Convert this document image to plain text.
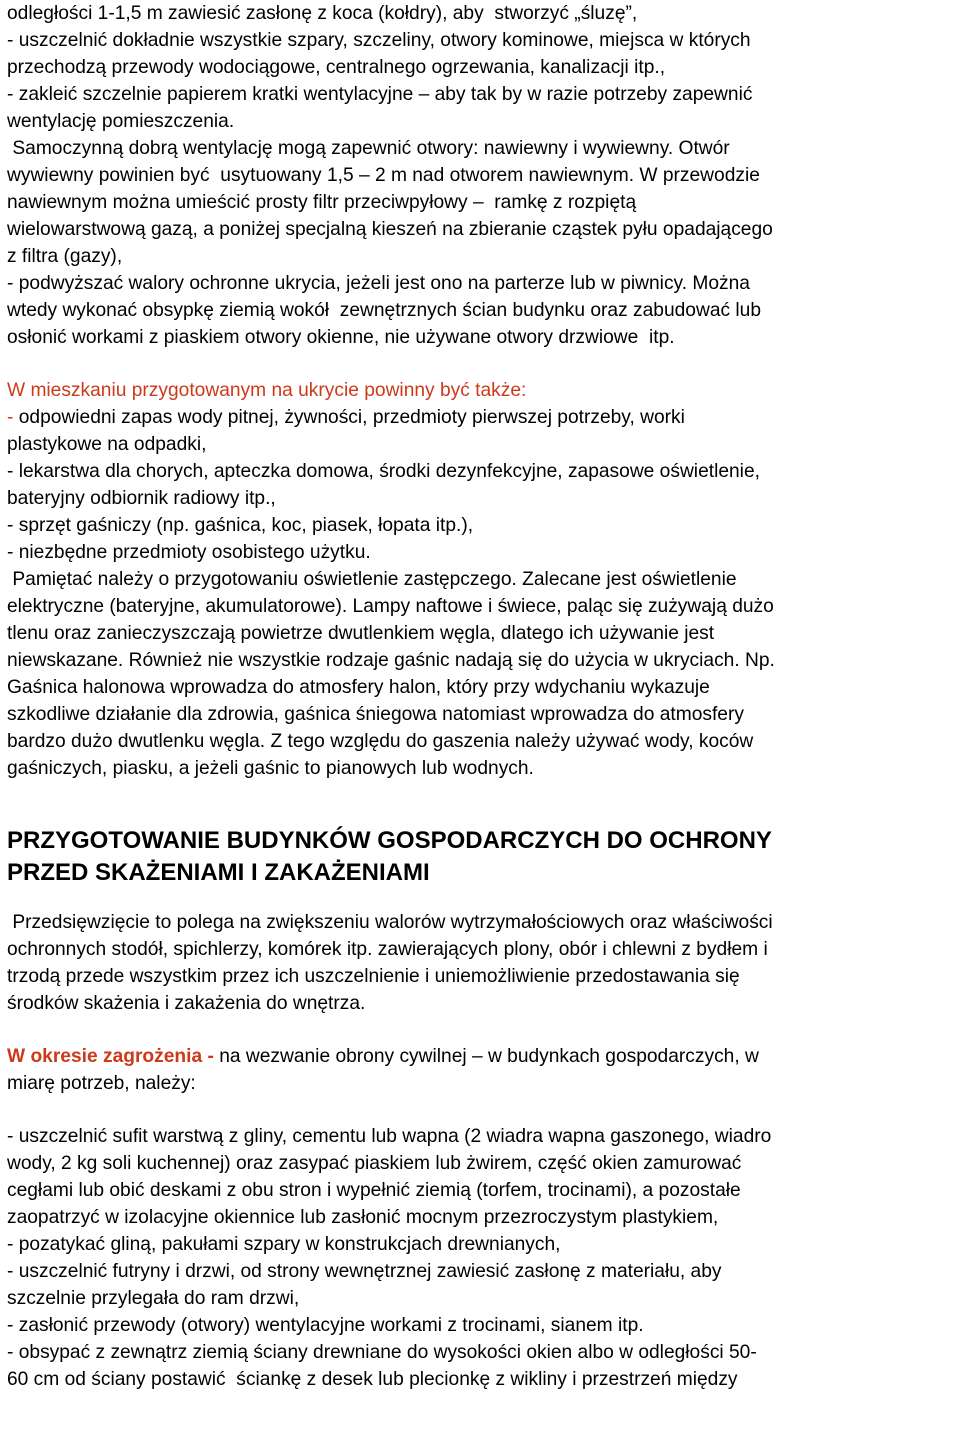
odległości 1-1,5 m zawiesić zasłonę z koca (kołdry), aby  stworzyć „śluzę”,

- uszczelnić dokładnie wszystkie szpary, szczeliny, otwory kominowe, miejsca w których

przechodzą przewody wodociągowe, centralnego ogrzewania, kanalizacji itp.,

- zakleić szczelnie papierem kratki wentylacyjne – aby tak by w razie potrzeby zapewnić

wentylację pomieszczenia.

Samoczynną dobrą wentylację mogą zapewnić otwory: nawiewny i wywiewny. Otwór

wywiewny powinien być  usytuowany 1,5 – 2 m nad otworem nawiewnym. W przewodzie

nawiewnym można umieścić prosty filtr przeciwpyłowy –  ramkę z rozpiętą

wielowarstwową gazą, a poniżej specjalną kieszeń na zbieranie cząstek pyłu opadającego

z filtra (gazy),

- podwyższać walory ochronne ukrycia, jeżeli jest ono na parterze lub w piwnicy. Można

wtedy wykonać obsypkę ziemią wokół  zewnętrznych ścian budynku oraz zabudować lub

osłonić workami z piaskiem otwory okienne, nie używane otwory drzwiowe  itp.

W mieszkaniu przygotowanym na ukrycie powinny być także:

- odpowiedni zapas wody pitnej, żywności, przedmioty pierwszej potrzeby, worki

plastykowe na odpadki,

- lekarstwa dla chorych, apteczka domowa, środki dezynfekcyjne, zapasowe oświetlenie,

bateryjny odbiornik radiowy itp.,

- sprzęt gaśniczy (np. gaśnica, koc, piasek, łopata itp.),

- niezbędne przedmioty osobistego użytku.

Pamiętać należy o przygotowaniu oświetlenie zastępczego. Zalecane jest oświetlenie

elektryczne (bateryjne, akumulatorowe). Lampy naftowe i świece, paląc się zużywają dużo

tlenu oraz zanieczyszczają powietrze dwutlenkiem węgla, dlatego ich używanie jest

niewskazane. Również nie wszystkie rodzaje gaśnic nadają się do użycia w ukryciach. Np.

Gaśnica halonowa wprowadza do atmosfery halon, który przy wdychaniu wykazuje

szkodliwe działanie dla zdrowia, gaśnica śniegowa natomiast wprowadza do atmosfery

bardzo dużo dwutlenku węgla. Z tego względu do gaszenia należy używać wody, koców

gaśniczych, piasku, a jeżeli gaśnic to pianowych lub wodnych.

PRZYGOTOWANIE BUDYNKÓW GOSPODARCZYCH DO OCHRONY

PRZED SKAŻENIAMI I ZAKAŻENIAMI

Przedsięwzięcie to polega na zwiększeniu walorów wytrzymałościowych oraz właściwości

ochronnych stodół, spichlerzy, komórek itp. zawierających plony, obór i chlewni z bydłem i

trzodą przede wszystkim przez ich uszczelnienie i uniemożliwienie przedostawania się

środków skażenia i zakażenia do wnętrza.

W okresie zagrożenia - na wezwanie obrony cywilnej – w budynkach gospodarczych, w

miarę potrzeb, należy:

- uszczelnić sufit warstwą z gliny, cementu lub wapna (2 wiadra wapna gaszonego, wiadro

wody, 2 kg soli kuchennej) oraz zasypać piaskiem lub żwirem, część okien zamurować

cegłami lub obić deskami z obu stron i wypełnić ziemią (torfem, trocinami), a pozostałe

zaopatrzyć w izolacyjne okiennice lub zasłonić mocnym przezroczystym plastykiem,

- pozatykać gliną, pakułami szpary w konstrukcjach drewnianych,

- uszczelnić futryny i drzwi, od strony wewnętrznej zawiesić zasłonę z materiału, aby

szczelnie przylegała do ram drzwi,

- zasłonić przewody (otwory) wentylacyjne workami z trocinami, sianem itp.

- obsypać z zewnątrz ziemią ściany drewniane do wysokości okien albo w odległości 50-

60 cm od ściany postawić  ściankę z desek lub plecionkę z wikliny i przestrzeń między
